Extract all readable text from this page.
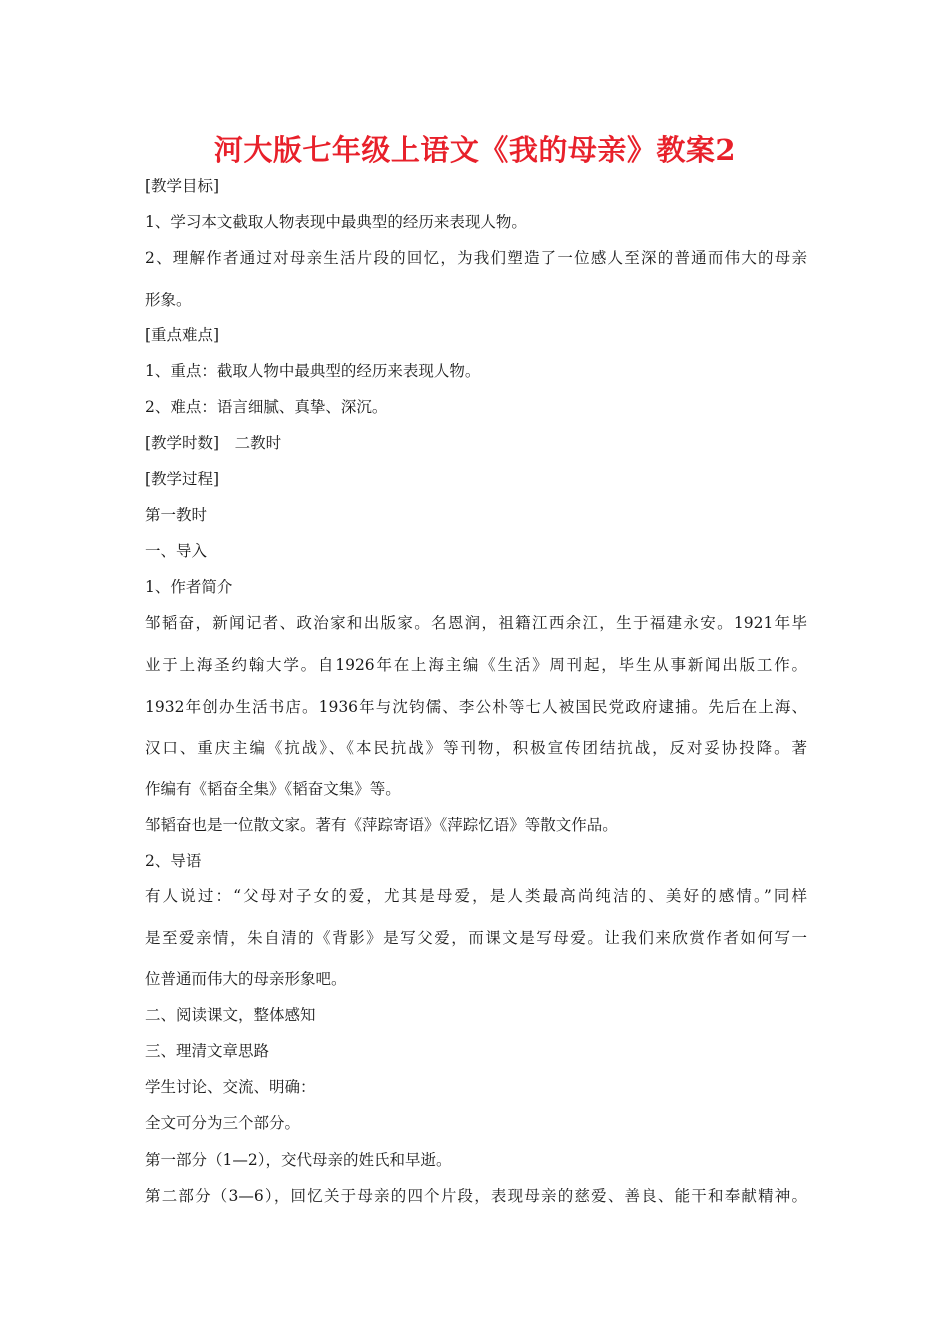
河大版七年级上语文《我的母亲》教案2
[教学目标]
1、学习本文截取人物表现中最典型的经历来表现人物。
2、理解作者通过对母亲生活片段的回忆，为我们塑造了一位感人至深的普通而伟大的母亲
形象。
[重点难点]
1、重点：截取人物中最典型的经历来表现人物。
2、难点：语言细腻、真挚、深沉。
[教学时数]　二教时
[教学过程]
第一教时
一、导入
1、作者简介
邹韬奋，新闻记者、政治家和出版家。名恩润，祖籍江西余江，生于福建永安。1921年毕
业于上海圣约翰大学。自1926年在上海主编《生活》周刊起，毕生从事新闻出版工作。
1932年创办生活书店。1936年与沈钧儒、李公朴等七人被国民党政府逮捕。先后在上海、
汉口、重庆主编《抗战》、《本民抗战》等刊物，积极宣传团结抗战，反对妥协投降。著
作编有《韬奋全集》《韬奋文集》等。
邹韬奋也是一位散文家。著有《萍踪寄语》《萍踪忆语》等散文作品。
2、导语
有人说过：“父母对子女的爱，尤其是母爱，是人类最高尚纯洁的、美好的感情。”同样
是至爱亲情，朱自清的《背影》是写父爱，而课文是写母爱。让我们来欣赏作者如何写一
位普通而伟大的母亲形象吧。
二、阅读课文，整体感知
三、理清文章思路
学生讨论、交流、明确：
全文可分为三个部分。
第一部分（1—2），交代母亲的姓氏和早逝。
第二部分（3—6），回忆关于母亲的四个片段，表现母亲的慈爱、善良、能干和奉献精神。
